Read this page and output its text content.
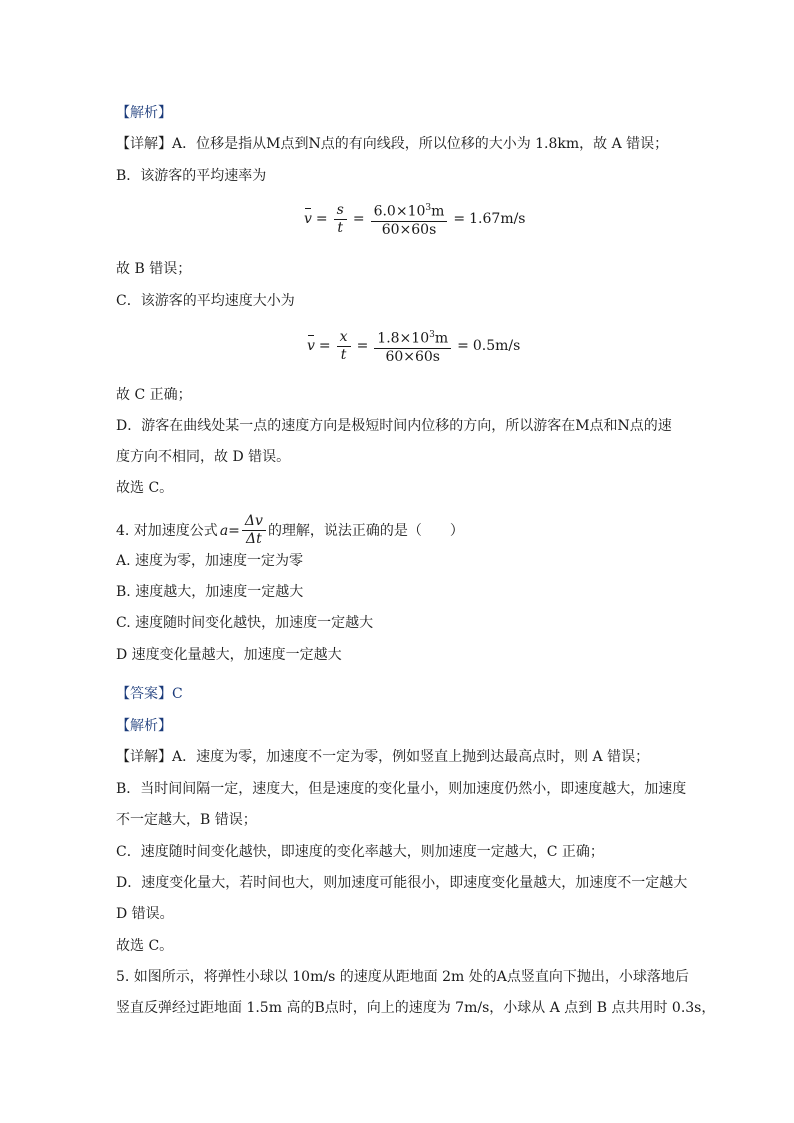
【解析】
【详解】A．位移是指从M点到N点的有向线段，所以位移的大小为 1.8km，故 A 错误；
B．该游客的平均速率为
$v = \frac{s}{t} = \frac{6.0\times 10^3m}{60\times 60s} = 1.67m/s$
故 B 错误；
C．该游客的平均速度大小为
$v = \frac{x}{t} = \frac{1.8\times 10^3m}{60\times 60s} = 0.5m/s$
故 C 正确；
D．游客在曲线处某一点的速度方向是极短时间内位移的方向，所以游客在M点和N点的速
度方向不相同，故 D 错误。
故选 C。
4. 对加速度公式 $a = \frac{\Delta v}{\Delta t}$ 的理解，说法正确的是（　　）
A. 速度为零，加速度一定为零
B. 速度越大，加速度一定越大
C. 速度随时间变化越快，加速度一定越大
D 速度变化量越大，加速度一定越大
【答案】C
【解析】
【详解】A．速度为零，加速度不一定为零，例如竖直上抛到达最高点时，则 A 错误；
B．当时间间隔一定，速度大，但是速度的变化量小，则加速度仍然小，即速度越大，加速度
不一定越大，B 错误；
C．速度随时间变化越快，即速度的变化率越大，则加速度一定越大，C 正确；
D．速度变化量大，若时间也大，则加速度可能很小，即速度变化量越大，加速度不一定越大
D 错误。
故选 C。
5. 如图所示，将弹性小球以 10m/s 的速度从距地面 2m 处的A点竖直向下抛出，小球落地后
竖直反弹经过距地面 1.5m 高的B点时，向上的速度为 7m/s，小球从 A 点到 B 点共用时 0.3s，
